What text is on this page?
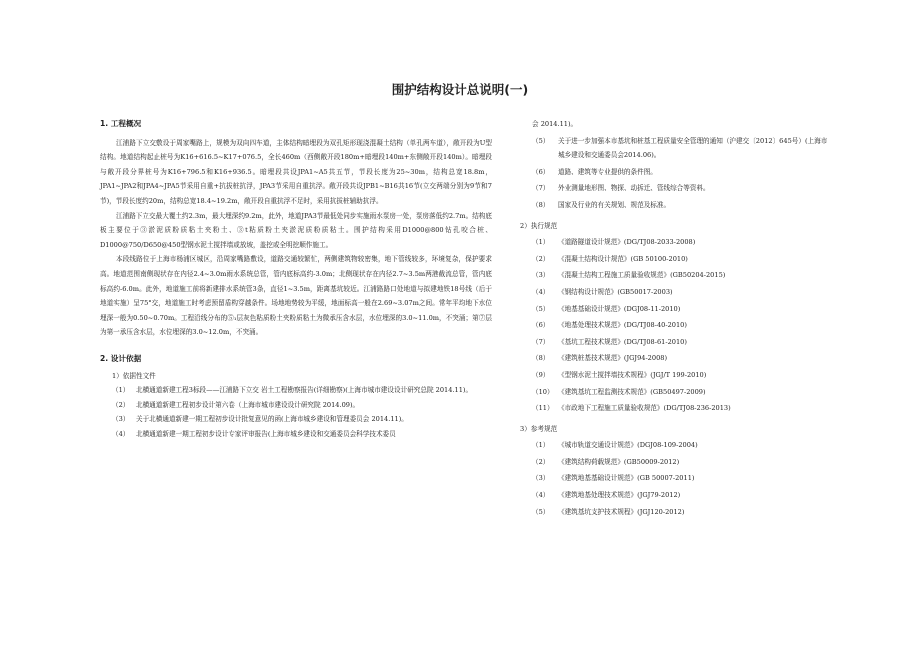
围护结构设计总说明(一)

1. 工程概况

江浦路下立交敷设于周家嘴路上，规模为双向四车道，主体结构暗埋段为双孔矩形现浇混凝土结构（单孔两车道），敞开段为U型结构。地道结构起止桩号为K16+616.5~K17+076.5，全长460m（西侧敞开段180m+暗埋段140m+东侧敞开段140m）。暗埋段与敞开段分界桩号为K16+796.5和K16+936.5。暗埋段共设JPA1~A5共五节，节段长度为25~30m，结构总宽18.8m，JPA1~JPA2和JPA4~JPA5节采用自重+抗拔桩抗浮，JPA3节采用自重抗浮。敞开段共设JPB1~B16共16节(立交两端分别为9节和7节)，节段长度约20m，结构总宽18.4~19.2m，敞开段自重抗浮不足时，采用抗拔桩辅助抗浮。

江浦路下立交最大覆土约2.3m，最大埋深约9.2m，此外，地道JPA3节最低处同步实施雨水泵房一处，泵房落低约2.7m。结构底板主要位于③淤泥质粉质粘土夹粉土、③t粘质粉土夹淤泥质粉质粘土。围护结构采用D1000@800钻孔咬合桩、D1000@750/D650@450型钢水泥土搅拌墙或放坡，盖挖或全明挖顺作施工。

本段线路位于上海市杨浦区城区，沿周家嘴路敷设，道路交通较繁忙，两侧建筑物较密集，地下管线较多，环境复杂，保护要求高。地道范围南侧现状存在内径2.4~3.0m雨水系统总管，管内底标高约-3.0m；北侧现状存在内径2.7~3.5m两港截流总管，管内底标高约-6.0m。此外，地道施工前将新建排水系统管3条，直径1~3.5m，距离基坑较近。江浦路路口处地道与拟建地铁18号线（后于地道实施）呈75°交，地道施工时考虑预留盾构穿越条件。场地地势较为平缓，地面标高一般在2.69~3.07m之间。常年平均地下水位埋深一般为0.50~0.70m。工程沿线分布的⑤₁层灰色粘质粉土夹粉质粘土为微承压含水层，水位埋深的3.0~11.0m，不突涌；第⑦层为第一承压含水层，水位埋深的3.0~12.0m，不突涌。

2. 设计依据

1）依据性文件
（1）	北横通道新建工程3标段——江浦路下立交 岩土工程勘察报告(详细勘察)(上海市城市建设设计研究总院 2014.11)。
（2）	北横通道新建工程初步设计第六卷（上海市城市建设设计研究院 2014.09)。
（3）	关于北横通道新建一期工程初步设计批复意见的函(上海市城乡建设和管理委员会 2014.11)。
（4）	北横通道新建一期工程初步设计专家评审报告(上海市城乡建设和交通委员会科学技术委员
会 2014.11)。
（5）	关于进一步加强本市基坑和桩基工程质量安全管理的通知（沪建交〔2012〕645号）(上海市城乡建设和交通委员会2014.06)。
（6）	道路、建筑等专业提供的条件图。
（7）	外业测量地形图、物探、动拆迁、管线综合等资料。
（8）	国家及行业的有关规划、规范及标准。
2）执行规范
（1）	《道路隧道设计规范》(DG/TJ08-2033-2008)
（2）	《混凝土结构设计规范》(GB 50100-2010)
（3）	《混凝土结构工程施工质量验收规范》(GB50204-2015)
（4）	《钢结构设计规范》(GB50017-2003)
（5）	《地基基础设计规范》(DGJ08-11-2010)
（6）	《地基处理技术规范》(DG/TJ08-40-2010)
（7）	《基坑工程技术规范》(DG/TJ08-61-2010)
（8）	《建筑桩基技术规范》(JGJ94-2008)
（9）	《型钢水泥土搅拌墙技术规程》(JGJ/T 199-2010)
（10） 《建筑基坑工程监测技术规范》(GB50497-2009)
（11） 《市政地下工程施工质量验收规范》(DG/TJ08-236-2013)
3）参考规范
（1）	《城市轨道交通设计规范》(DGJ08-109-2004)
（2）	《建筑结构荷载规范》(GB50009-2012)
（3）	《建筑地基基础设计规范》(GB 50007-2011)
（4）	《建筑地基处理技术规范》(JGJ79-2012)
（5）	《建筑基坑支护技术规程》(JGJ120-2012)
